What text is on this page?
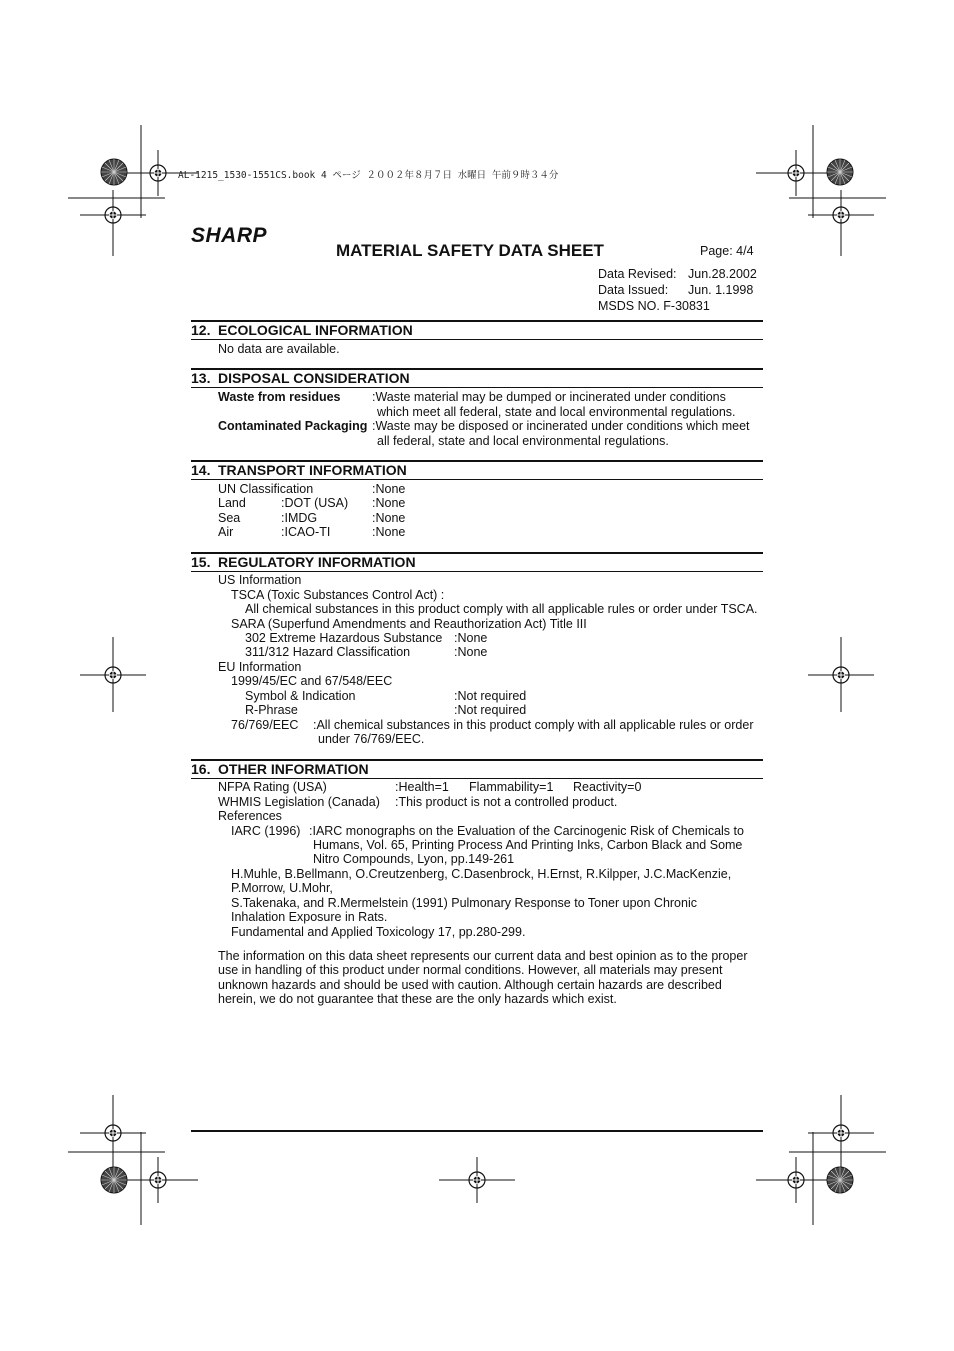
AL-1215_1530-1551CS.book 4 ページ ２００２年８月７日 水曜日 午前９時３４分
SHARP
MATERIAL SAFETY DATA SHEET	Page: 4/4
Data Revised: Jun.28.2002
Data Issued: Jun. 1.1998
MSDS NO. F-30831
12. ECOLOGICAL INFORMATION
No data are available.
13. DISPOSAL CONSIDERATION
Waste from residues	:Waste material may be dumped or incinerated under conditions
which meet all federal, state and local environmental regulations.
Contaminated Packaging :Waste may be disposed or incinerated under conditions which meet
all federal, state and local environmental regulations.
14. TRANSPORT INFORMATION
UN Classification	:None
Land	:DOT (USA) :None
Sea	:IMDG	:None
Air	:ICAO-TI	:None
15. REGULATORY INFORMATION
US Information
TSCA (Toxic Substances Control Act) :
All chemical substances in this product comply with all applicable rules or order under TSCA.
SARA (Superfund Amendments and Reauthorization Act) Title III
302 Extreme Hazardous Substance :None
311/312 Hazard Classification	:None
EU Information
1999/45/EC and 67/548/EEC
Symbol & Indication	:Not required
R-Phrase	:Not required
76/769/EEC :All chemical substances in this product comply with all applicable rules or order
under 76/769/EEC.
16. OTHER INFORMATION
NFPA Rating (USA)	:Health=1 Flammability=1 Reactivity=0
WHMIS Legislation (Canada) :This product is not a controlled product.
References
IARC (1996) :IARC monographs on the Evaluation of the Carcinogenic Risk of Chemicals to
Humans, Vol. 65, Printing Process And Printing Inks, Carbon Black and Some
Nitro Compounds, Lyon, pp.149-261
H.Muhle, B.Bellmann, O.Creutzenberg, C.Dasenbrock, H.Ernst, R.Kilpper, J.C.MacKenzie,
P.Morrow, U.Mohr,
S.Takenaka, and R.Mermelstein (1991) Pulmonary Response to Toner upon Chronic
Inhalation Exposure in Rats.
Fundamental and Applied Toxicology 17, pp.280-299.
The information on this data sheet represents our current data and best opinion as to the proper
use in handling of this product under normal conditions. However, all materials may present
unknown hazards and should be used with caution. Although certain hazards are described
herein, we do not guarantee that these are the only hazards which exist.
